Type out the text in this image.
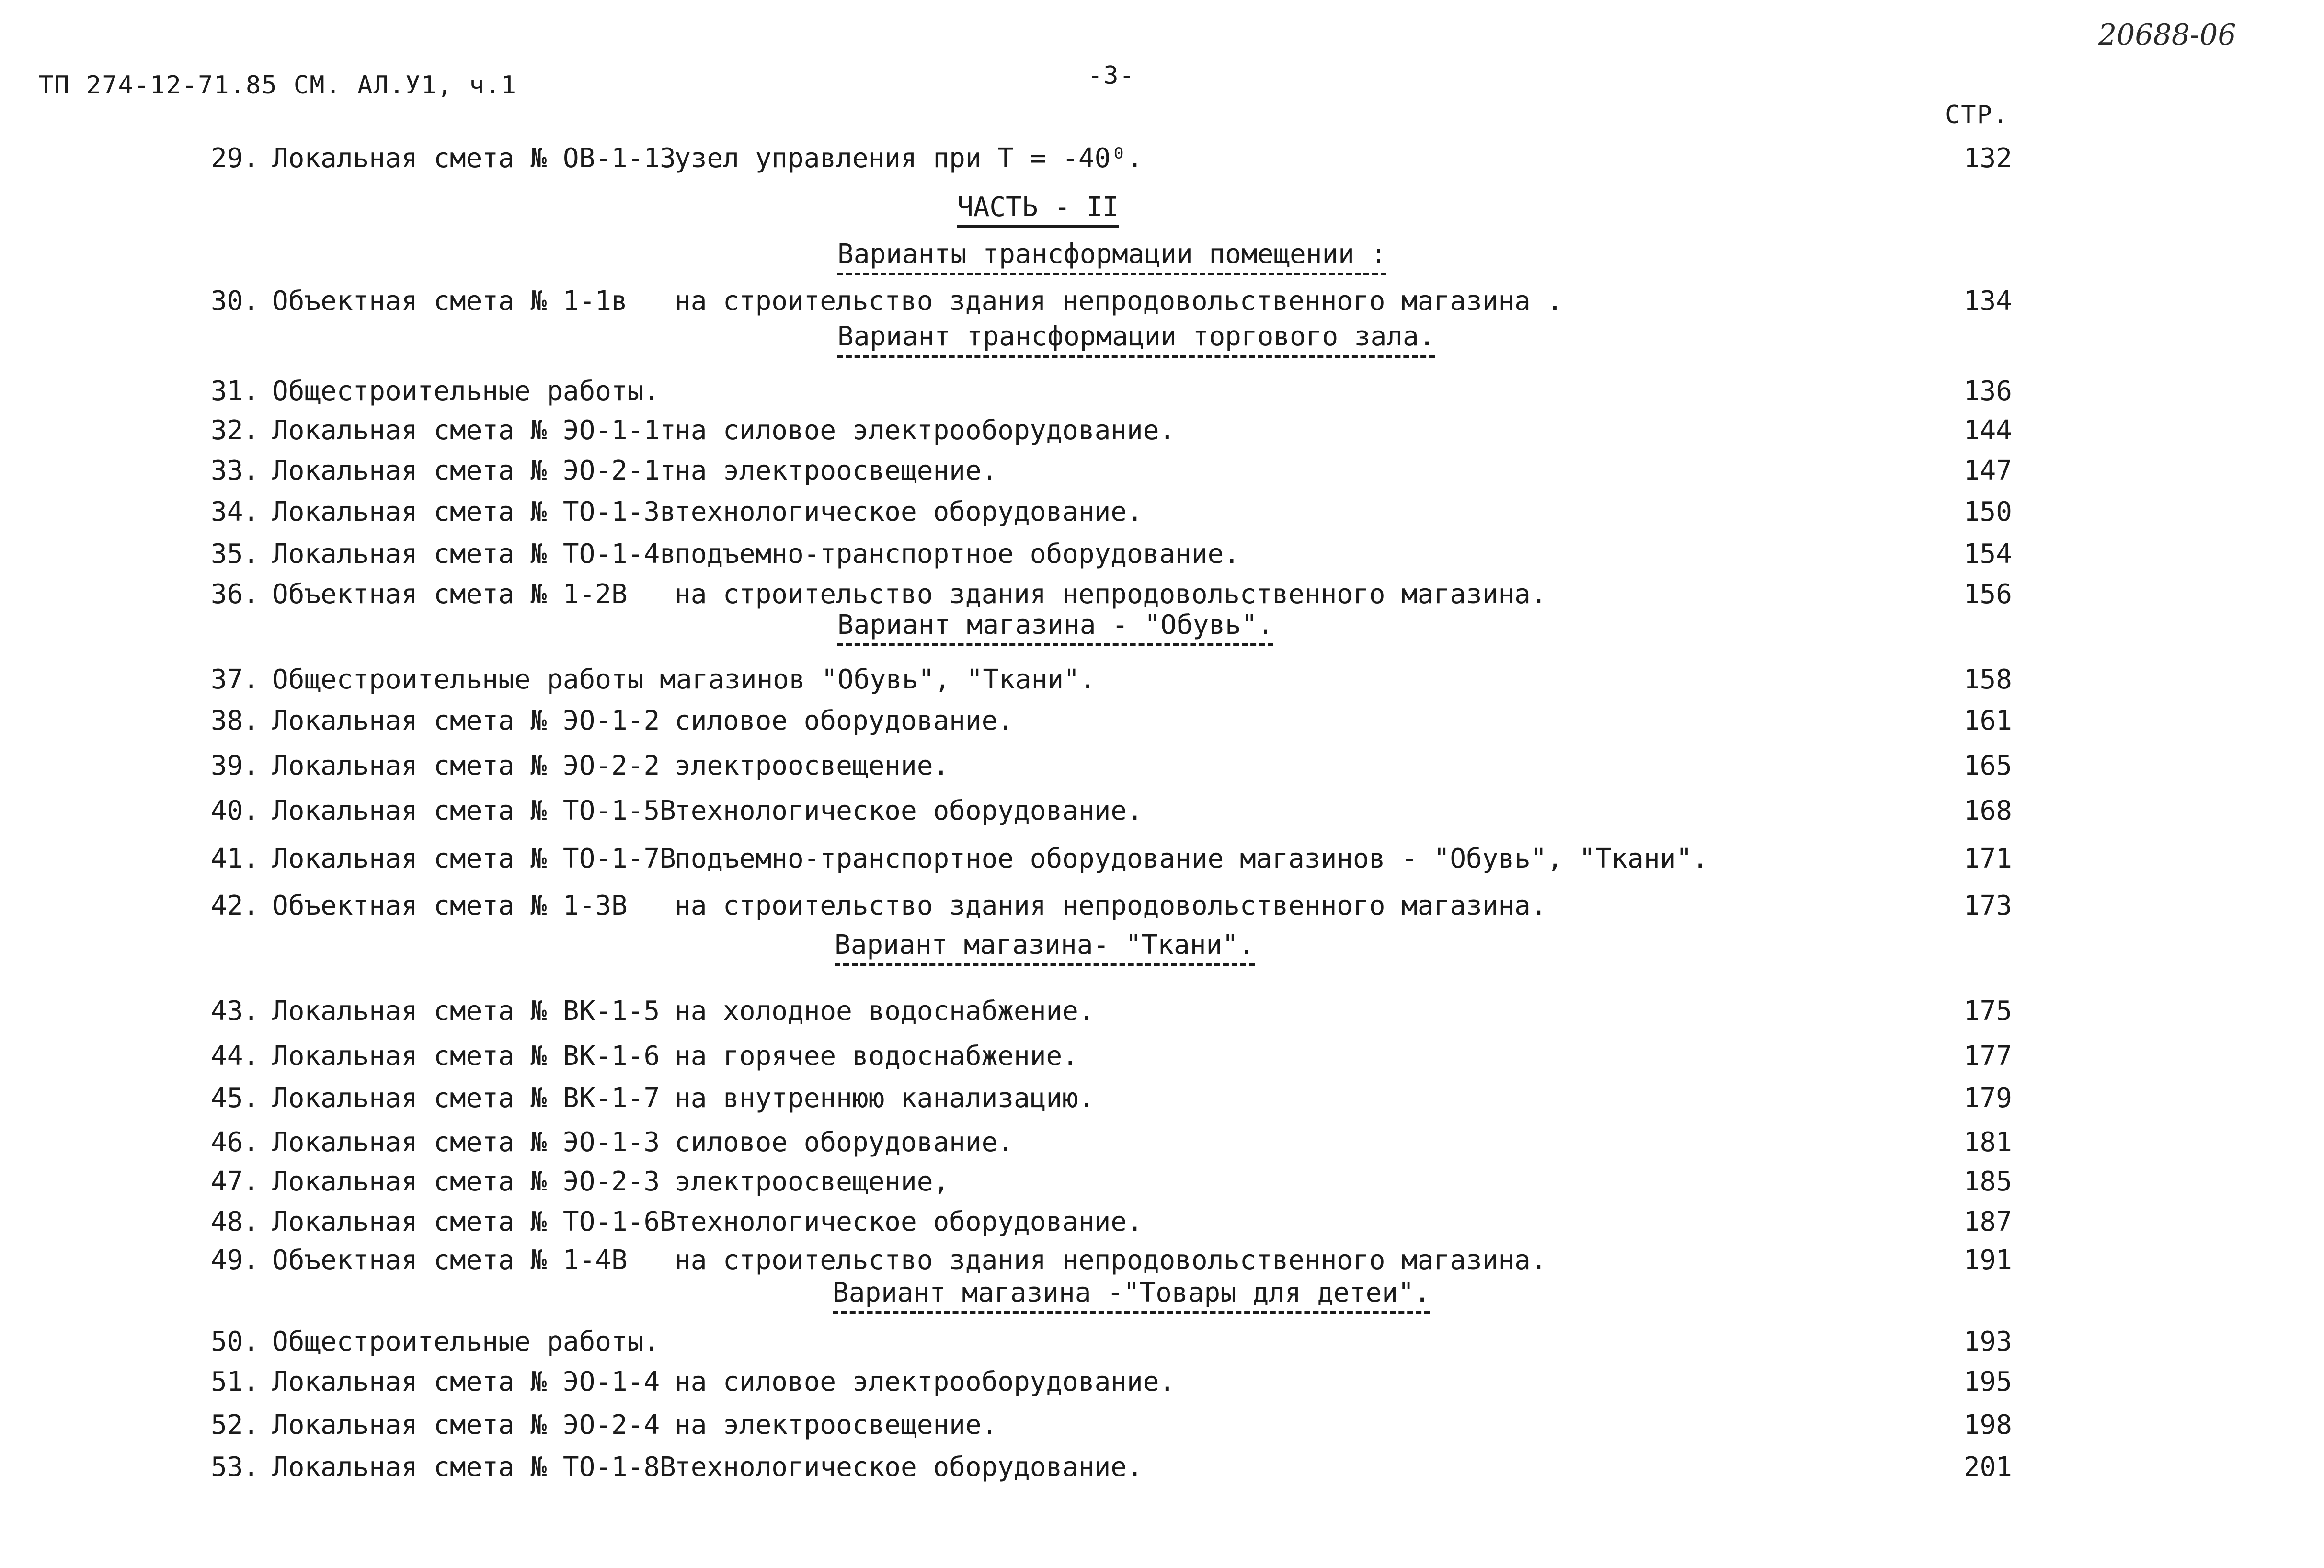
ТП 274-12-71.85 СМ. АЛ.У1, ч.1	-3-
20688-06
СТР.
ЧАСТЬ - II
Варианты трансформации помещении :
Вариант трансформации торгового зала.
Вариант магазина - "Обувь".
Вариант магазина- "Ткани".
Вариант магазина -"Товары для детеи".
29. Локальная смета № ОВ-1-13
узел управления при Т = -40⁰.	132
30. Объектная смета № 1-1в на строительство здания непродовольственного магазина .	134
31. Общестроительные работы.	136
32. Локальная смета № ЭО-1-1т
на силовое электрооборудование.	144
33. Локальная смета № ЭО-2-1т
на электроосвещение.	147
34. Локальная смета № ТО-1-3в
технологическое оборудование.	150
35. Локальная смета № ТО-1-4в
подъемно-транспортное оборудование.	154
36. Объектная смета № 1-2В на строительство здания непродовольственного магазина.	156
37. Общестроительные работы магазинов "Обувь", "Ткани".	158
38. Локальная смета № ЭО-1-2 силовое оборудование.	161
39. Локальная смета № ЭО-2-2 электроосвещение.	165
40. Локальная смета № ТО-1-5В
технологическое оборудование.	168
41. Локальная смета № ТО-1-7В
подъемно-транспортное оборудование магазинов - "Обувь", "Ткани".	171
42. Объектная смета № 1-3В на строительство здания непродовольственного магазина.	173
43. Локальная смета № ВК-1-5 на холодное водоснабжение.	175
44. Локальная смета № ВК-1-6 на горячее водоснабжение.	177
45. Локальная смета № ВК-1-7 на внутреннюю канализацию.	179
46. Локальная смета № ЭО-1-3 силовое оборудование.	181
47. Локальная смета № ЭО-2-3 электроосвещение,	185
48. Локальная смета № ТО-1-6В
технологическое оборудование.	187
49. Объектная смета № 1-4В на строительство здания непродовольственного магазина.	191
50. Общестроительные работы.	193
51. Локальная смета № ЭО-1-4 на силовое электрооборудование.	195
52. Локальная смета № ЭО-2-4 на электроосвещение.	198
53. Локальная смета № ТО-1-8В
технологическое оборудование.	201
